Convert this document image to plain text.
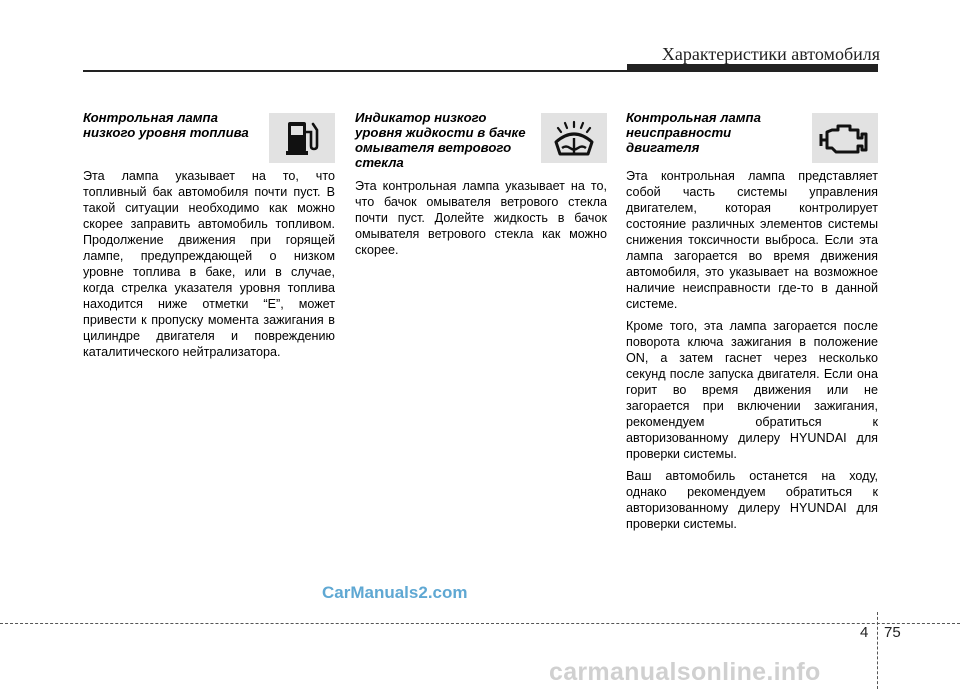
Характеристики автомобиля
Контрольная лампа низкого уровня топлива

Эта лампа указывает на то, что топливный бак автомобиля почти пуст. В такой ситуации необходимо как можно скорее заправить автомобиль топливом. Продолжение движения при горящей лампе, предупреждающей о низком уровне топлива в баке, или в случае, когда стрелка указателя уровня топлива находится ниже отметки “E”, может привести к пропуску момента зажигания в цилиндре двигателя и повреждению каталитического нейтрализатора.

Индикатор низкого уровня жидкости в бачке омывателя ветрового стекла

Эта контрольная лампа указывает на то, что бачок омывателя ветрового стекла почти пуст. Долейте жидкость в бачок омывателя ветрового стекла как можно скорее.

Контрольная лампа неисправности двигателя

Эта контрольная лампа представляет собой часть системы управления двигателем, которая контролирует состояние различных элементов системы снижения токсичности выброса. Если эта лампа загорается во время движения автомобиля, это указывает на возможное наличие неисправности где-то в данной системе.

Кроме того, эта лампа загорается после поворота ключа зажигания в положение ON, а затем гаснет через несколько секунд после запуска двигателя. Если она горит во время движения или не загорается при включении зажигания, рекомендуем обратиться к авторизованному дилеру HYUNDAI для проверки системы.

Ваш автомобиль останется на ходу, однако рекомендуем обратиться к авторизованному дилеру HYUNDAI для проверки системы.

CarManuals2.com
4 75
carmanualsonline.info
